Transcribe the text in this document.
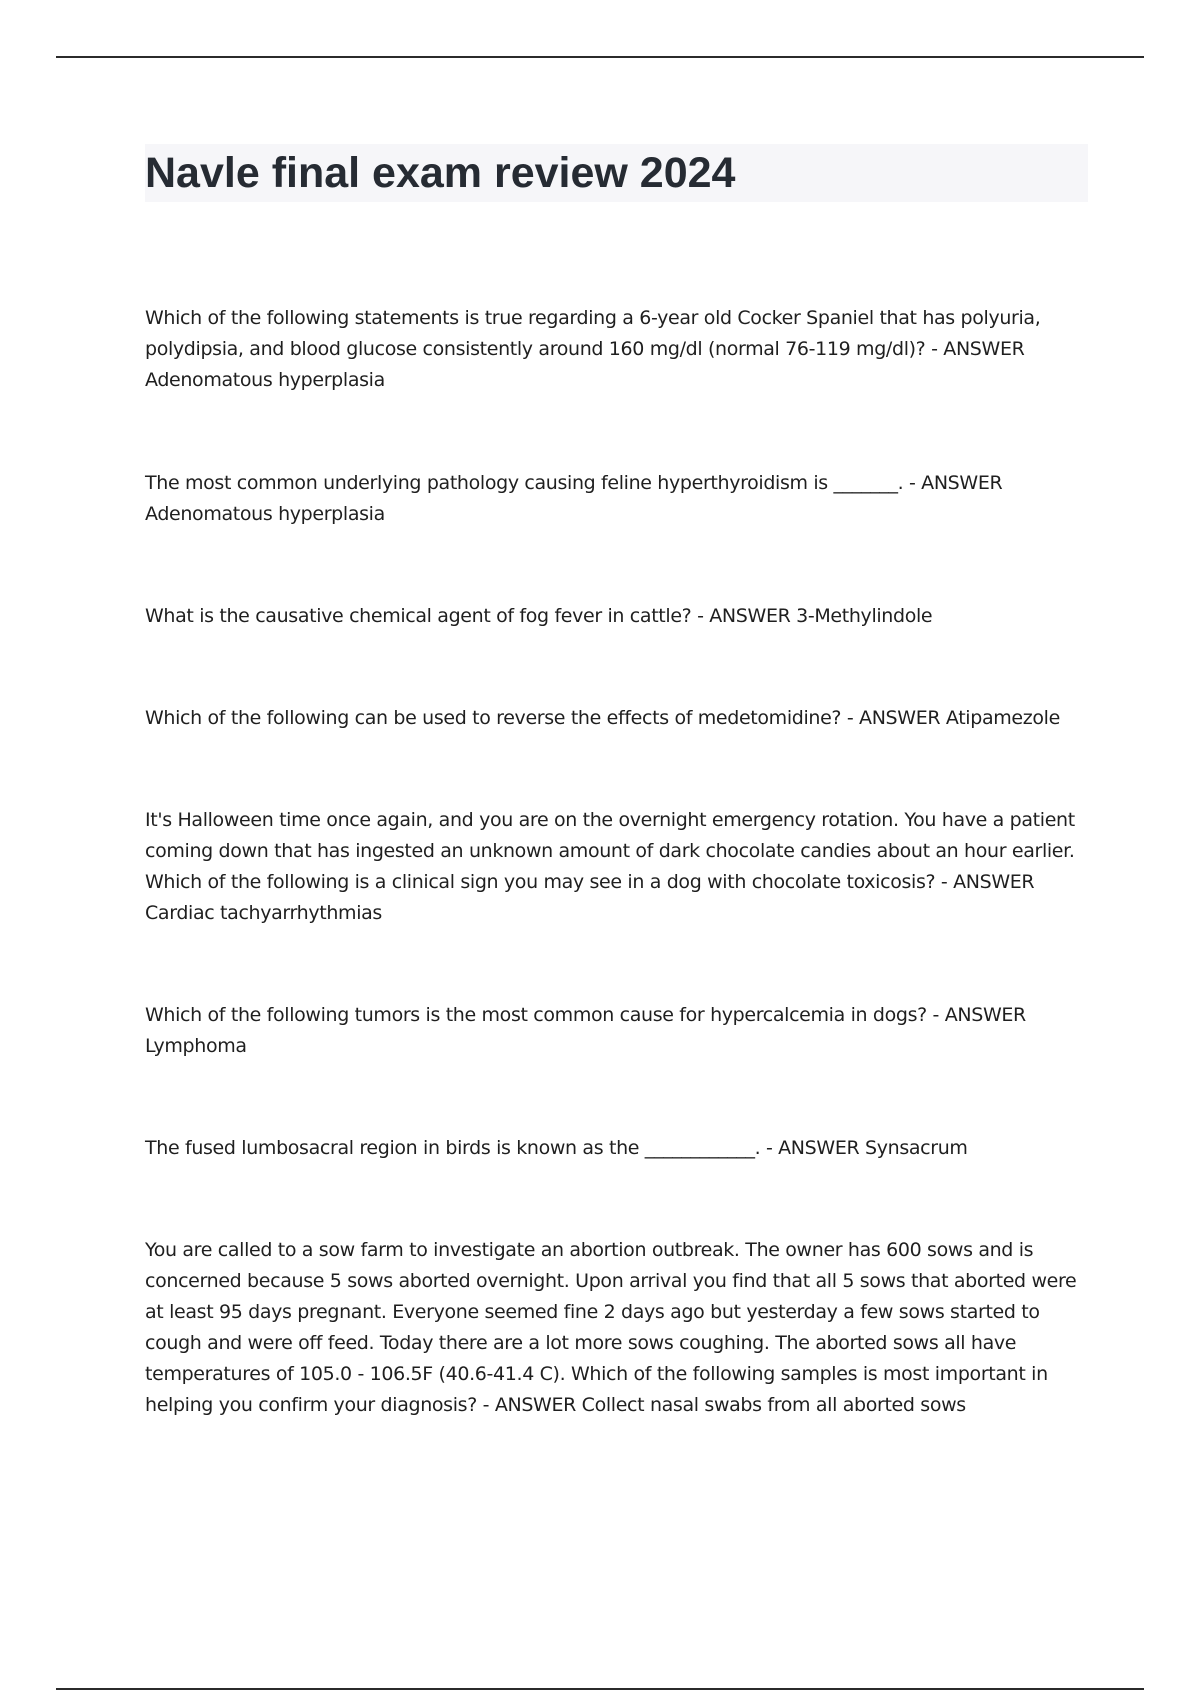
Navle final exam review 2024

Which of the following statements is true regarding a 6-year old Cocker Spaniel that has polyuria, polydipsia, and blood glucose consistently around 160 mg/dl (normal 76-119 mg/dl)? - ANSWER Adenomatous hyperplasia

The most common underlying pathology causing feline hyperthyroidism is _______. - ANSWER Adenomatous hyperplasia

What is the causative chemical agent of fog fever in cattle? - ANSWER 3-Methylindole

Which of the following can be used to reverse the effects of medetomidine? - ANSWER Atipamezole

It's Halloween time once again, and you are on the overnight emergency rotation. You have a patient coming down that has ingested an unknown amount of dark chocolate candies about an hour earlier. Which of the following is a clinical sign you may see in a dog with chocolate toxicosis? - ANSWER Cardiac tachyarrhythmias

Which of the following tumors is the most common cause for hypercalcemia in dogs? - ANSWER Lymphoma

The fused lumbosacral region in birds is known as the ____________. - ANSWER Synsacrum

You are called to a sow farm to investigate an abortion outbreak. The owner has 600 sows and is concerned because 5 sows aborted overnight. Upon arrival you find that all 5 sows that aborted were at least 95 days pregnant. Everyone seemed fine 2 days ago but yesterday a few sows started to cough and were off feed. Today there are a lot more sows coughing. The aborted sows all have temperatures of 105.0 - 106.5F (40.6-41.4 C). Which of the following samples is most important in helping you confirm your diagnosis? - ANSWER Collect nasal swabs from all aborted sows
